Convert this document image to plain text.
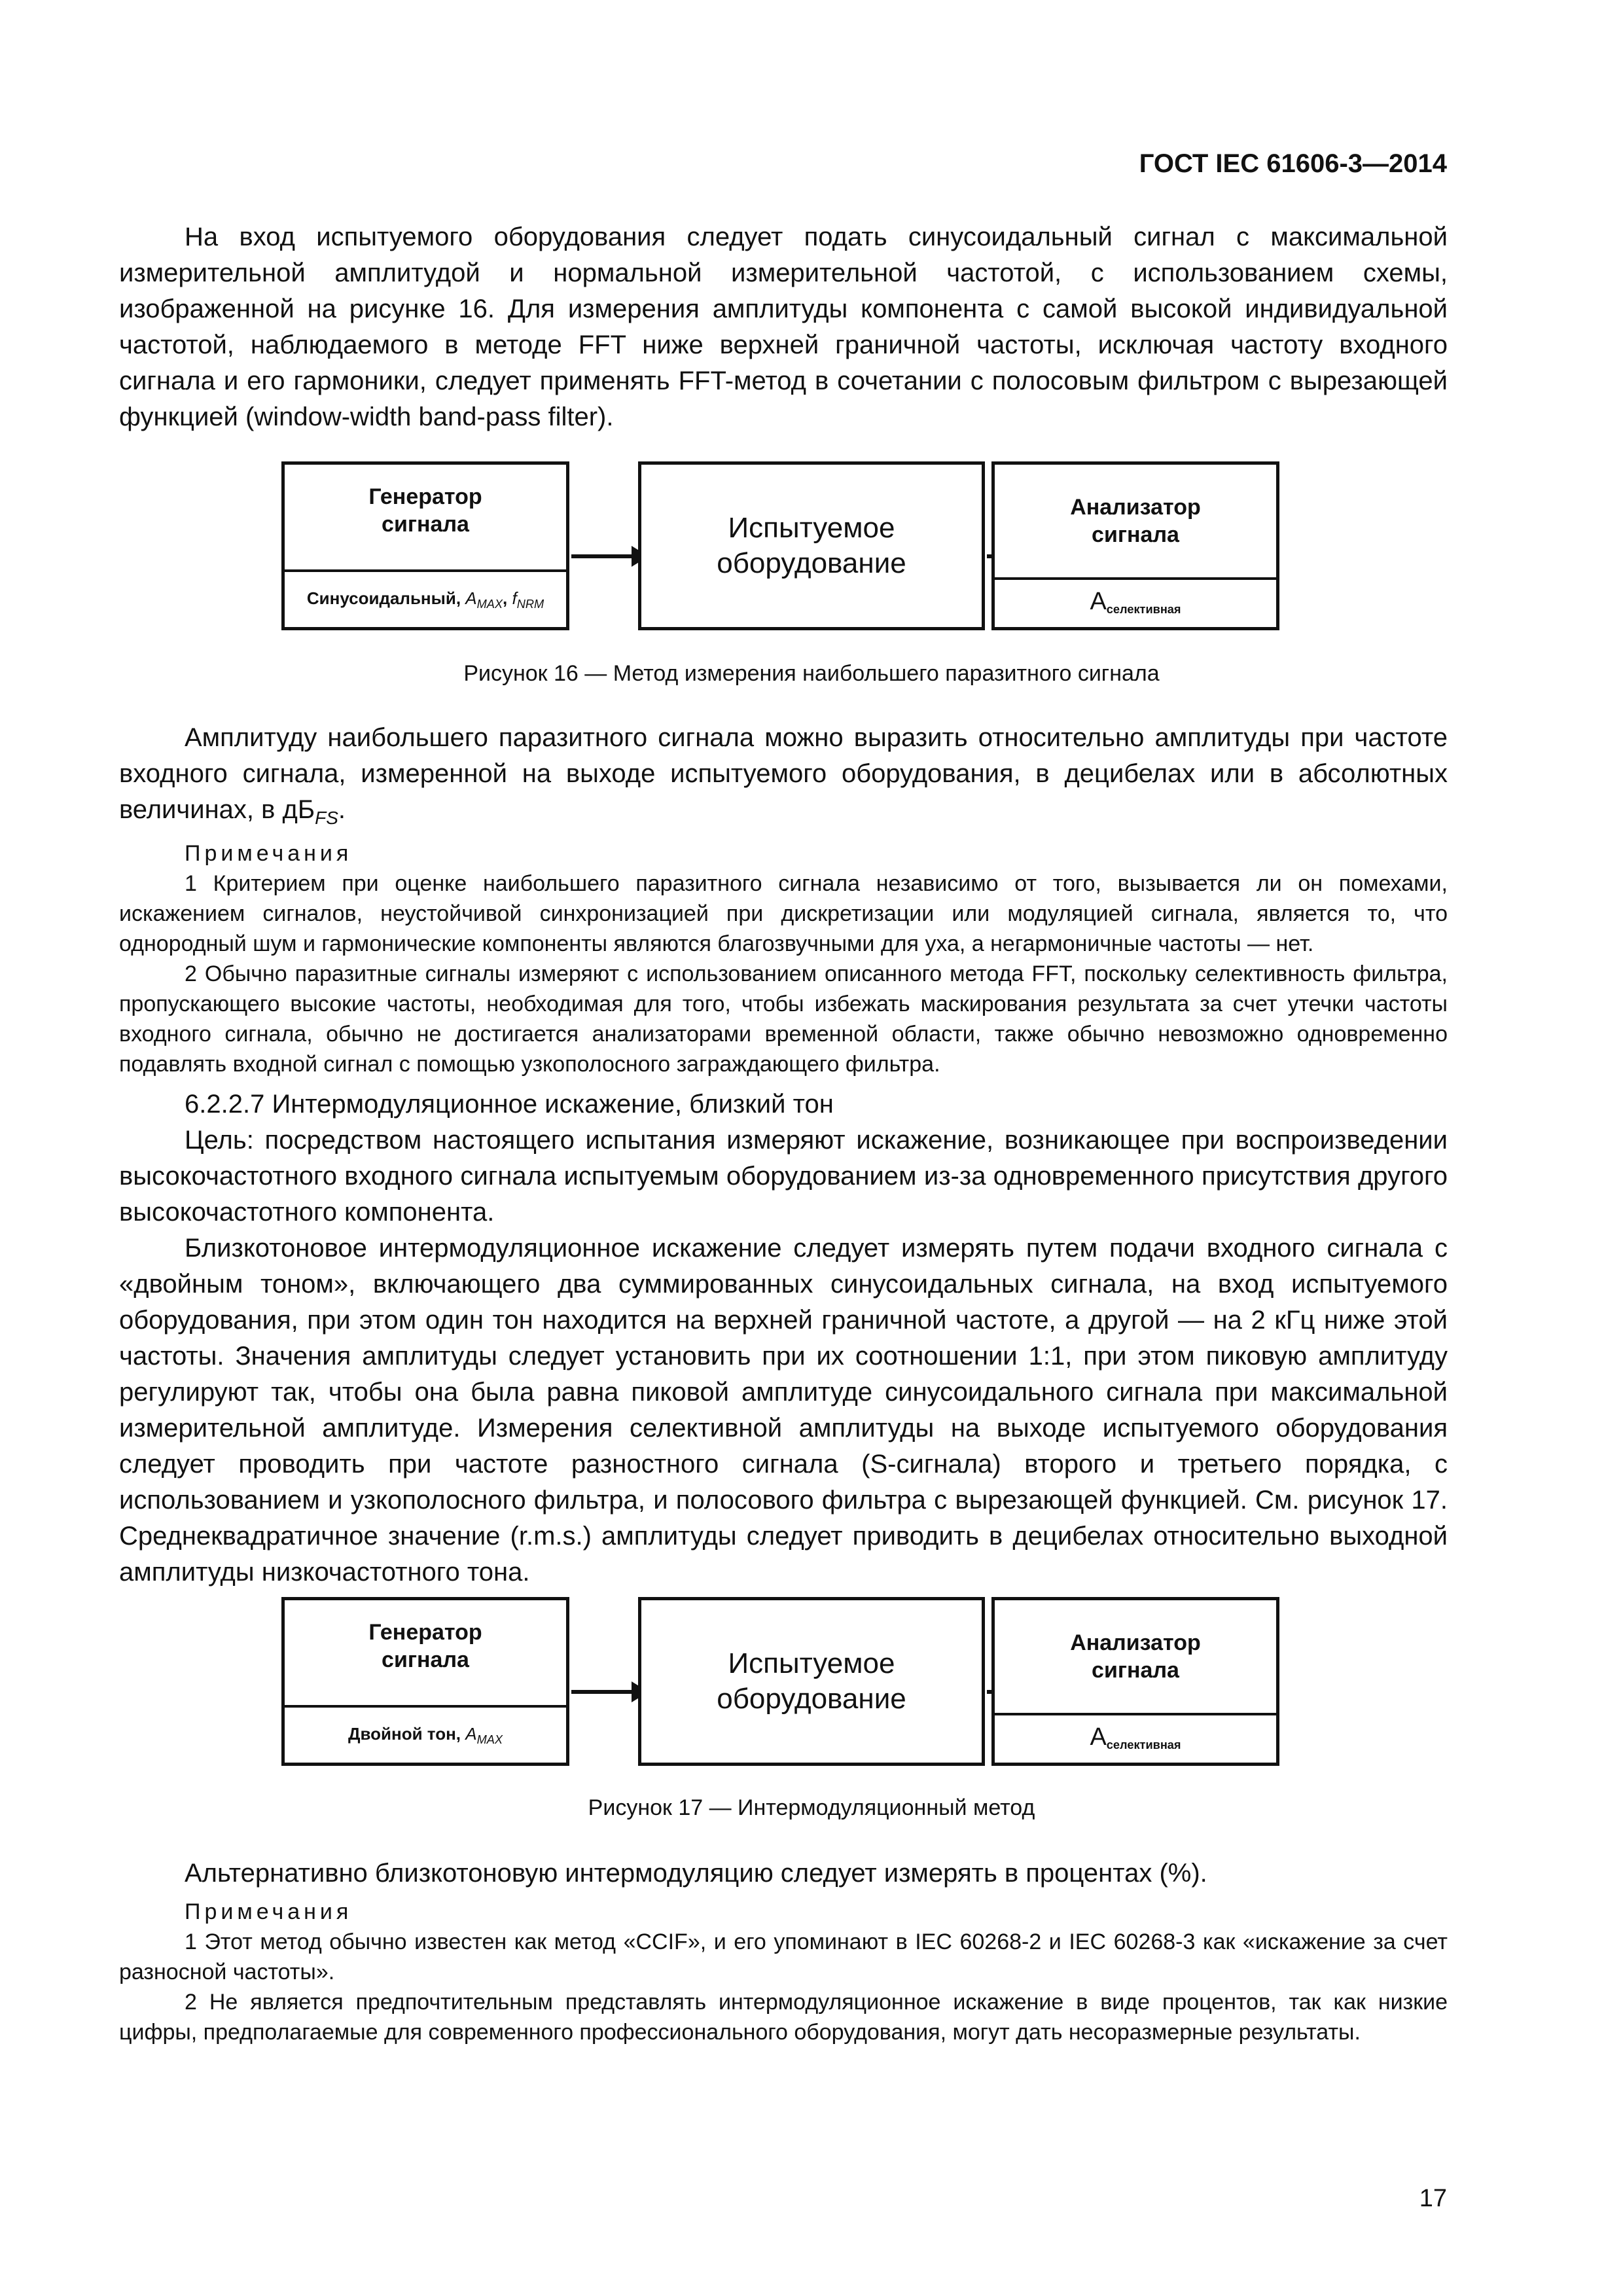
ГОСТ IEC 61606-3—2014

На вход испытуемого оборудования следует подать синусоидальный сигнал с максимальной измерительной амплитудой и нормальной измерительной частотой, с использованием схемы, изображенной на рисунке 16. Для измерения амплитуды компонента с самой высокой индивидуальной частотой, наблюдаемого в методе FFT ниже верхней граничной частоты, исключая частоту входного сигнала и его гармоники, следует применять FFT-метод в сочетании с полосовым фильтром с вырезающей функцией (window-width band-pass filter).

Генератор
сигнала
Синусоидальный, $A_{MAX}$, $f_{NRM}$
Испытуемое
оборудование
Анализатор
сигнала
$A_{селективная}$
Рисунок 16 — Метод измерения наибольшего паразитного сигнала

Амплитуду наибольшего паразитного сигнала можно выразить относительно амплитуды при частоте входного сигнала, измеренной на выходе испытуемого оборудования, в децибелах или в абсолютных величинах, в $дБ_{FS}$.

Примечания

1 Критерием при оценке наибольшего паразитного сигнала независимо от того, вызывается ли он помехами, искажением сигналов, неустойчивой синхронизацией при дискретизации или модуляцией сигнала, является то, что однородный шум и гармонические компоненты являются благозвучными для уха, а негармоничные частоты — нет.

2 Обычно паразитные сигналы измеряют с использованием описанного метода FFT, поскольку селективность фильтра, пропускающего высокие частоты, необходимая для того, чтобы избежать маскирования результата за счет утечки частоты входного сигнала, обычно не достигается анализаторами временной области, также обычно невозможно одновременно подавлять входной сигнал с помощью узкополосного заграждающего фильтра.

6.2.2.7 Интермодуляционное искажение, близкий тон

Цель: посредством настоящего испытания измеряют искажение, возникающее при воспроизведении высокочастотного входного сигнала испытуемым оборудованием из-за одновременного присутствия другого высокочастотного компонента.

Близкотоновое интермодуляционное искажение следует измерять путем подачи входного сигнала с «двойным тоном», включающего два суммированных синусоидальных сигнала, на вход испытуемого оборудования, при этом один тон находится на верхней граничной частоте, а другой — на 2 кГц ниже этой частоты. Значения амплитуды следует установить при их соотношении 1:1, при этом пиковую амплитуду регулируют так, чтобы она была равна пиковой амплитуде синусоидального сигнала при максимальной измерительной амплитуде. Измерения селективной амплитуды на выходе испытуемого оборудования следует проводить при частоте разностного сигнала (S-сигнала) второго и третьего порядка, с использованием и узкополосного фильтра, и полосового фильтра с вырезающей функцией. См. рисунок 17. Среднеквадратичное значение (r.m.s.) амплитуды следует приводить в децибелах относительно выходной амплитуды низкочастотного тона.

Генератор
сигнала
Двойной тон, $A_{MAX}$
Испытуемое
оборудование
Анализатор
сигнала
$A_{селективная}$
Рисунок 17 — Интермодуляционный метод

Альтернативно близкотоновую интермодуляцию следует измерять в процентах (%).

Примечания

1 Этот метод обычно известен как метод «CCIF», и его упоминают в IEC 60268-2 и IEC 60268-3 как «искажение за счет разносной частоты».

2 Не является предпочтительным представлять интермодуляционное искажение в виде процентов, так как низкие цифры, предполагаемые для современного профессионального оборудования, могут дать несоразмерные результаты.

17
